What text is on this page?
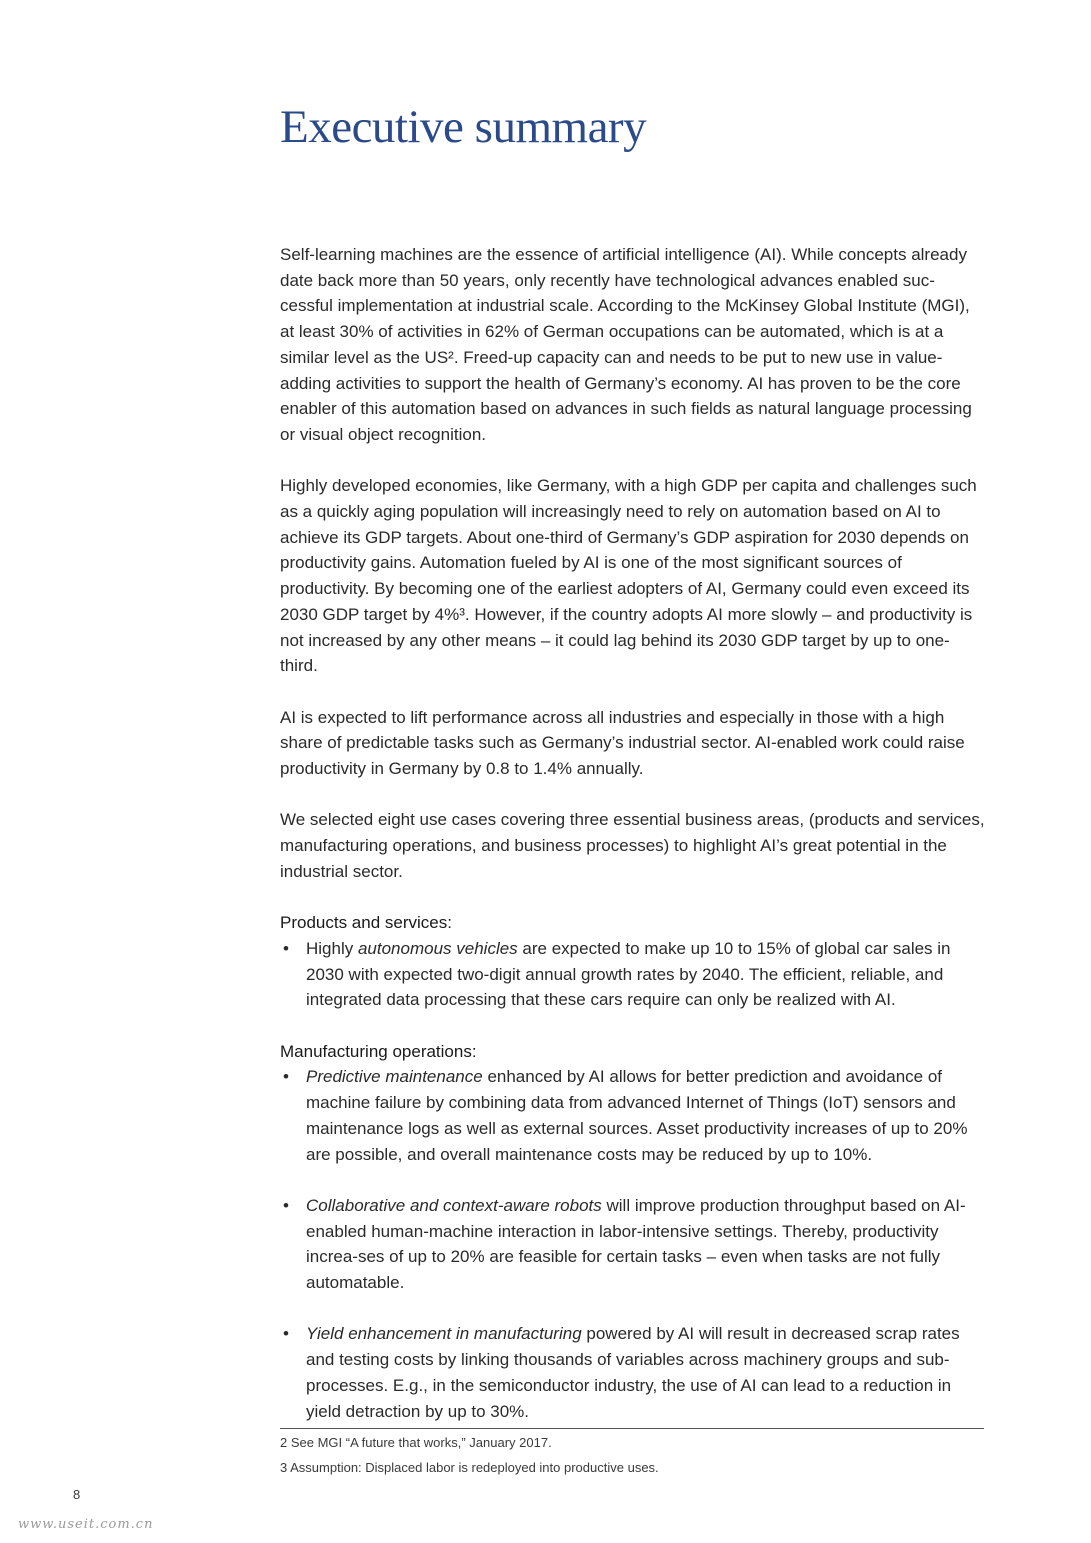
Executive summary

Self-learning machines are the essence of artificial intelligence (AI). While concepts already date back more than 50 years, only recently have technological advances enabled suc-cessful implementation at industrial scale. According to the McKinsey Global Institute (MGI), at least 30% of activities in 62% of German occupations can be automated, which is at a similar level as the US². Freed-up capacity can and needs to be put to new use in value-adding activities to support the health of Germany’s economy. AI has proven to be the core enabler of this automation based on advances in such fields as natural language processing or visual object recognition.

Highly developed economies, like Germany, with a high GDP per capita and challenges such as a quickly aging population will increasingly need to rely on automation based on AI to achieve its GDP targets. About one-third of Germany’s GDP aspiration for 2030 depends on productivity gains. Automation fueled by AI is one of the most significant sources of productivity. By becoming one of the earliest adopters of AI, Germany could even exceed its 2030 GDP target by 4%³. However, if the country adopts AI more slowly – and productivity is not increased by any other means – it could lag behind its 2030 GDP target by up to one-third.

AI is expected to lift performance across all industries and especially in those with a high share of predictable tasks such as Germany’s industrial sector. AI-enabled work could raise productivity in Germany by 0.8 to 1.4% annually.

We selected eight use cases covering three essential business areas, (products and services, manufacturing operations, and business processes) to highlight AI’s great potential in the industrial sector.

Products and services:
• Highly autonomous vehicles are expected to make up 10 to 15% of global car sales in 2030 with expected two-digit annual growth rates by 2040. The efficient, reliable, and integrated data processing that these cars require can only be realized with AI.
Manufacturing operations:
• Predictive maintenance enhanced by AI allows for better prediction and avoidance of machine failure by combining data from advanced Internet of Things (IoT) sensors and maintenance logs as well as external sources. Asset productivity increases of up to 20% are possible, and overall maintenance costs may be reduced by up to 10%.
• Collaborative and context-aware robots will improve production throughput based on AI-enabled human-machine interaction in labor-intensive settings. Thereby, productivity increa-ses of up to 20% are feasible for certain tasks – even when tasks are not fully automatable.
• Yield enhancement in manufacturing powered by AI will result in decreased scrap rates and testing costs by linking thousands of variables across machinery groups and sub-processes. E.g., in the semiconductor industry, the use of AI can lead to a reduction in yield detraction by up to 30%.
2 See MGI “A future that works,” January 2017.
3 Assumption: Displaced labor is redeployed into productive uses.
8
www.useit.com.cn
